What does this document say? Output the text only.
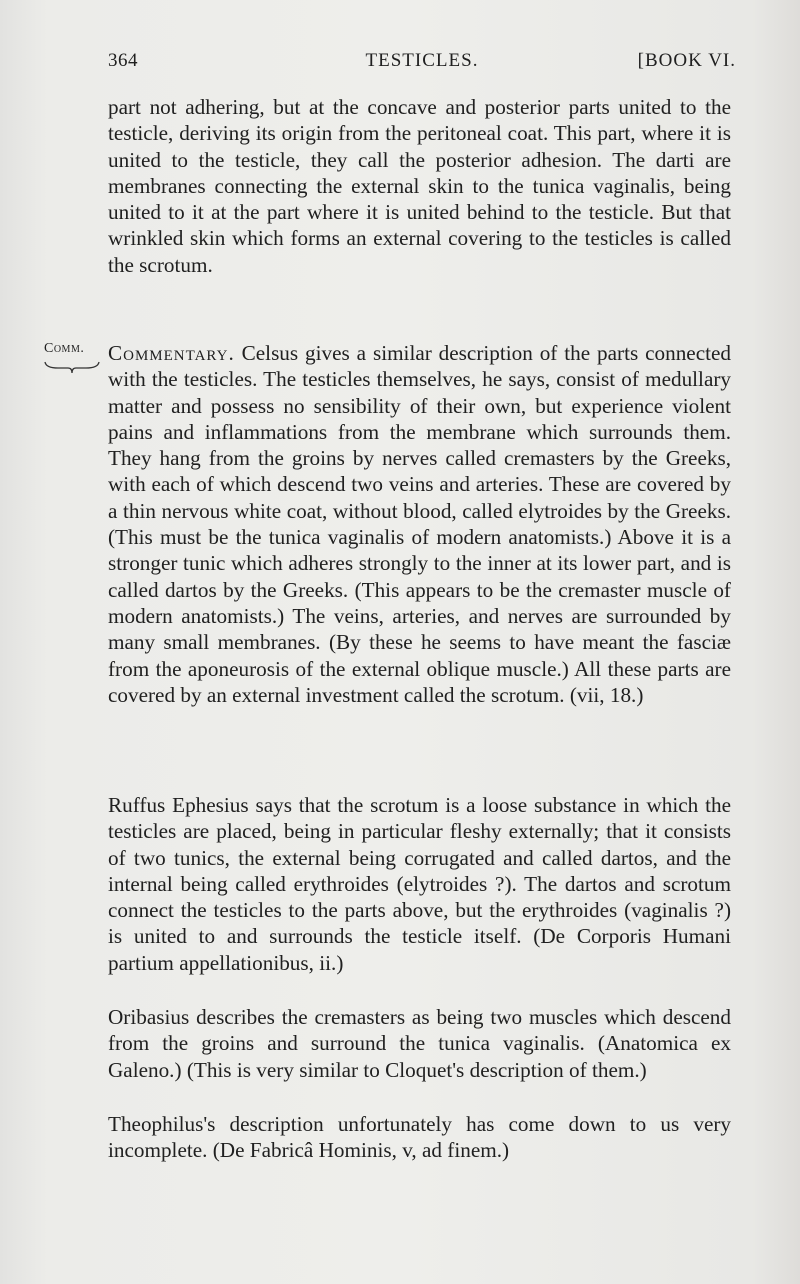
364	TESTICLES.	[BOOK VI.

part not adhering, but at the concave and posterior parts united to the testicle, deriving its origin from the peritoneal coat. This part, where it is united to the testicle, they call the posterior adhesion. The darti are membranes connecting the external skin to the tunica vaginalis, being united to it at the part where it is united behind to the testicle. But that wrinkled skin which forms an external covering to the testicles is called the scrotum.

Comm. Commentary. Celsus gives a similar description of the parts connected with the testicles. The testicles themselves, he says, consist of medullary matter and possess no sensibility of their own, but experience violent pains and inflammations from the membrane which surrounds them. They hang from the groins by nerves called cremasters by the Greeks, with each of which descend two veins and arteries. These are covered by a thin nervous white coat, without blood, called elytroides by the Greeks. (This must be the tunica vaginalis of modern anatomists.) Above it is a stronger tunic which adheres strongly to the inner at its lower part, and is called dartos by the Greeks. (This appears to be the cremaster muscle of modern anatomists.) The veins, arteries, and nerves are surrounded by many small membranes. (By these he seems to have meant the fasciæ from the aponeurosis of the external oblique muscle.) All these parts are covered by an external investment called the scrotum. (vii, 18.)

Ruffus Ephesius says that the scrotum is a loose substance in which the testicles are placed, being in particular fleshy externally; that it consists of two tunics, the external being corrugated and called dartos, and the internal being called erythroides (elytroides ?). The dartos and scrotum connect the testicles to the parts above, but the erythroides (vaginalis ?) is united to and surrounds the testicle itself. (De Corporis Humani partium appellationibus, ii.)

Oribasius describes the cremasters as being two muscles which descend from the groins and surround the tunica vaginalis. (Anatomica ex Galeno.) (This is very similar to Cloquet's description of them.)

Theophilus's description unfortunately has come down to us very incomplete. (De Fabricâ Hominis, v, ad finem.)
